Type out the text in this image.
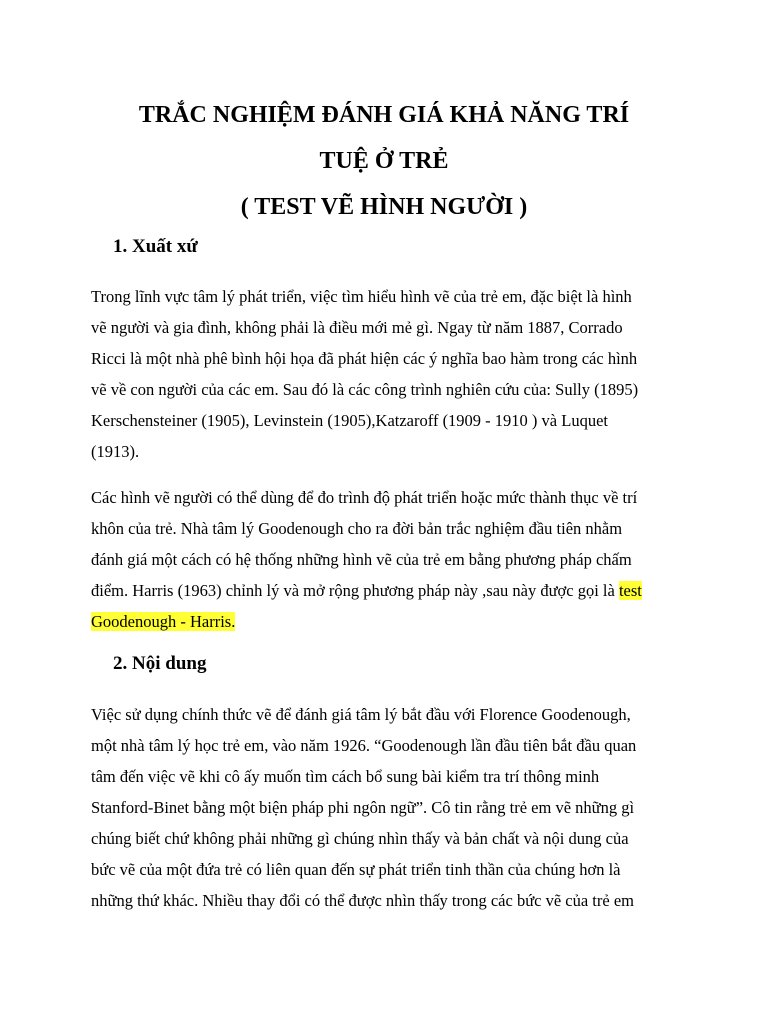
TRẮC NGHIỆM ĐÁNH GIÁ KHẢ NĂNG TRÍ
TUỆ Ở TRẺ
( TEST VẼ HÌNH NGƯỜI )
1. Xuất xứ
Trong lĩnh vực tâm lý phát triển, việc tìm hiểu hình vẽ của trẻ em, đặc biệt là hình
vẽ người và gia đình, không phải là điều mới mẻ gì. Ngay từ năm 1887, Corrado
Ricci là một nhà phê bình hội họa đã phát hiện các ý nghĩa bao hàm trong các hình
vẽ về con người của các em. Sau đó là các công trình nghiên cứu của: Sully (1895)
Kerschensteiner (1905), Levinstein (1905),Katzaroff (1909 - 1910 ) và Luquet
(1913).
Các hình vẽ người có thể dùng để đo trình độ phát triển hoặc mức thành thục về trí
khôn của trẻ. Nhà tâm lý Goodenough cho ra đời bản trắc nghiệm đầu tiên nhằm
đánh giá một cách có hệ thống những hình vẽ của trẻ em bằng phương pháp chấm
điểm. Harris (1963) chỉnh lý và mở rộng phương pháp này ,sau này được gọi là test
Goodenough - Harris.
2. Nội dung
Việc sử dụng chính thức vẽ để đánh giá tâm lý bắt đầu với Florence Goodenough,
một nhà tâm lý học trẻ em, vào năm 1926. “Goodenough lần đầu tiên bắt đầu quan
tâm đến việc vẽ khi cô ấy muốn tìm cách bổ sung bài kiểm tra trí thông minh
Stanford-Binet bằng một biện pháp phi ngôn ngữ”. Cô tin rằng trẻ em vẽ những gì
chúng biết chứ không phải những gì chúng nhìn thấy và bản chất và nội dung của
bức vẽ của một đứa trẻ có liên quan đến sự phát triển tinh thần của chúng hơn là
những thứ khác. Nhiều thay đổi có thể được nhìn thấy trong các bức vẽ của trẻ em
